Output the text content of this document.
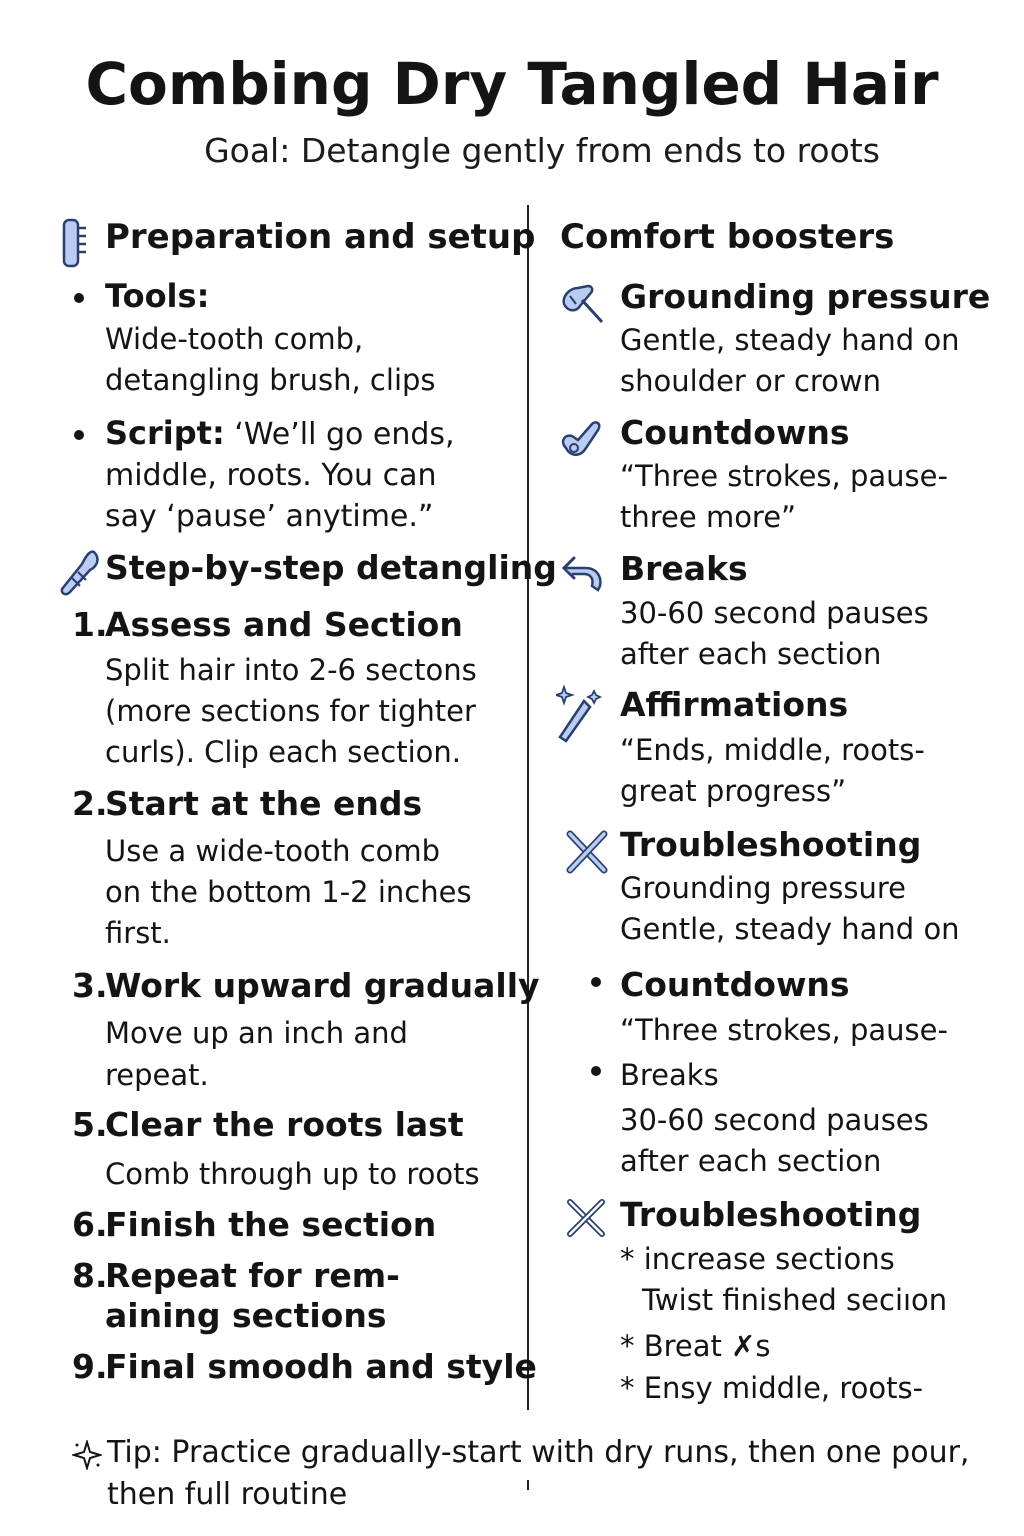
Combing Dry Tangled Hair
Goal: Detangle gently from ends to roots
Preparation and setup
Tools:
Wide-tooth comb,
detangling brush, clips
Script: ‘We’ll go ends,
middle, roots. You can
say ‘pause’ anytime.”
Step-by-step detangling
1.
Assess and Section
Split hair into 2-6 sectons
(more sections for tighter
curls). Clip each section.
2.
Start at the ends
Use a wide-tooth comb
on the bottom 1-2 inches
first.
3.
Work upward gradually
Move up an inch and
repeat.
5.
Clear the roots last
Comb through up to roots
6.
Finish the section
8.
Repeat for rem-
aining sections
9.
Final smoodh and style
Comfort boosters
Grounding pressure
Gentle, steady hand on
shoulder or crown
Countdowns
“Three strokes, pause-
three more”
Breaks
30-60 second pauses
after each section
Affirmations
“Ends, middle, roots-
great progress”
Troubleshooting
Grounding pressure
Gentle, steady hand on
Countdowns
“Three strokes, pause-
Breaks
30-60 second pauses
after each section
Troubleshooting
* increase sections
Twist finished seciıon
* Breat ✗s
* Ensy middle, roots-
Tip: Practice gradually-start with dry runs, then one pour,
then full routine
